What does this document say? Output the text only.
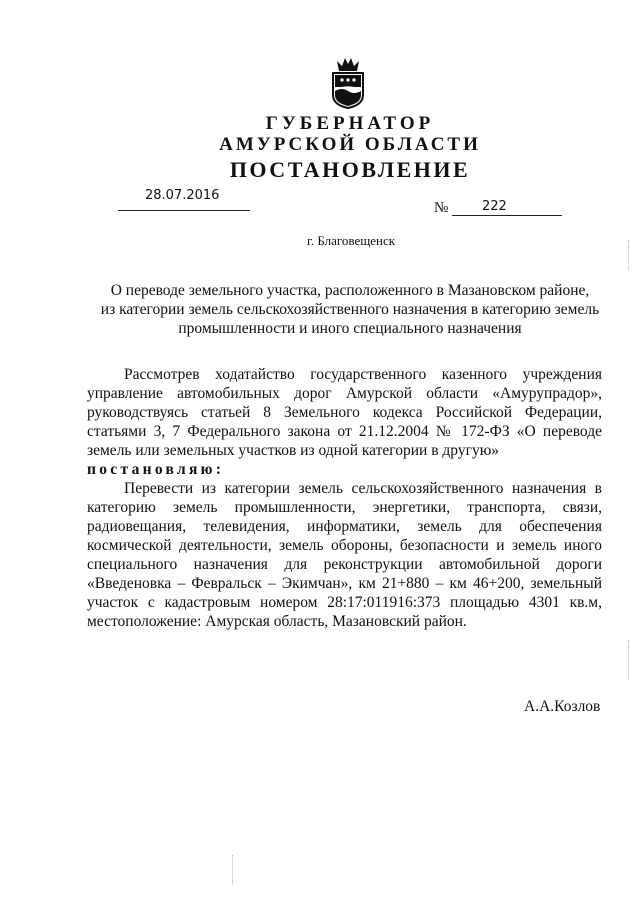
ГУБЕРНАТОР
АМУРСКОЙ ОБЛАСТИ
ПОСТАНОВЛЕНИЕ
28.07.2016
№	222
г. Благовещенск
О переводе земельного участка, расположенного в Мазановском районе,
из категории земель сельскохозяйственного назначения в категорию земель
промышленности и иного специального назначения

Рассмотрев ходатайство государственного казенного учреждения
управление автомобильных дорог Амурской области «Амурупрадор»,
руководствуясь статьей 8 Земельного кодекса Российской Федерации,
статьями 3, 7 Федерального закона от 21.12.2004 № 172-ФЗ «О переводе
земель или земельных участков из одной категории в другую»

постановляю:

Перевести из категории земель сельскохозяйственного назначения в
категорию земель промышленности, энергетики, транспорта, связи,
радиовещания, телевидения, информатики, земель для обеспечения
космической деятельности, земель обороны, безопасности и земель иного
специального назначения для реконструкции автомобильной дороги
«Введеновка – Февральск – Экимчан», км 21+880 – км 46+200, земельный
участок с кадастровым номером 28:17:011916:373 площадью 4301 кв.м,
местоположение: Амурская область, Мазановский район.

А.А.Козлов
